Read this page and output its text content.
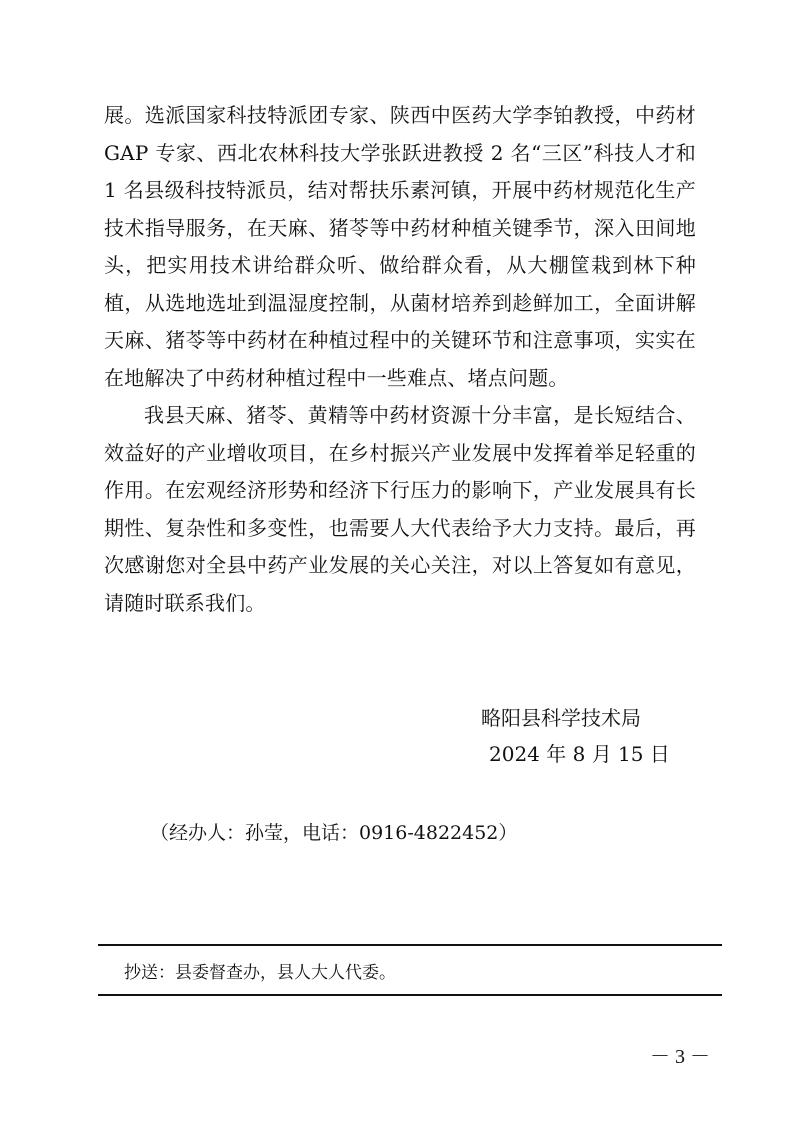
展。选派国家科技特派团专家、陕西中医药大学李铂教授，中药材 GAP 专家、西北农林科技大学张跃进教授 2 名“三区”科技人才和 1 名县级科技特派员，结对帮扶乐素河镇，开展中药材规范化生产技术指导服务，在天麻、猪苓等中药材种植关键季节，深入田间地头，把实用技术讲给群众听、做给群众看，从大棚筐栽到林下种植，从选地选址到温湿度控制，从菌材培养到趁鲜加工，全面讲解天麻、猪苓等中药材在种植过程中的关键环节和注意事项，实实在在地解决了中药材种植过程中一些难点、堵点问题。

我县天麻、猪苓、黄精等中药材资源十分丰富，是长短结合、效益好的产业增收项目，在乡村振兴产业发展中发挥着举足轻重的作用。在宏观经济形势和经济下行压力的影响下，产业发展具有长期性、复杂性和多变性，也需要人大代表给予大力支持。最后，再次感谢您对全县中药产业发展的关心关注，对以上答复如有意见，请随时联系我们。

略阳县科学技术局
2024 年 8 月 15 日
（经办人：孙莹，电话：0916-4822452）
抄送：县委督查办，县人大人代委。
－ 3 －
